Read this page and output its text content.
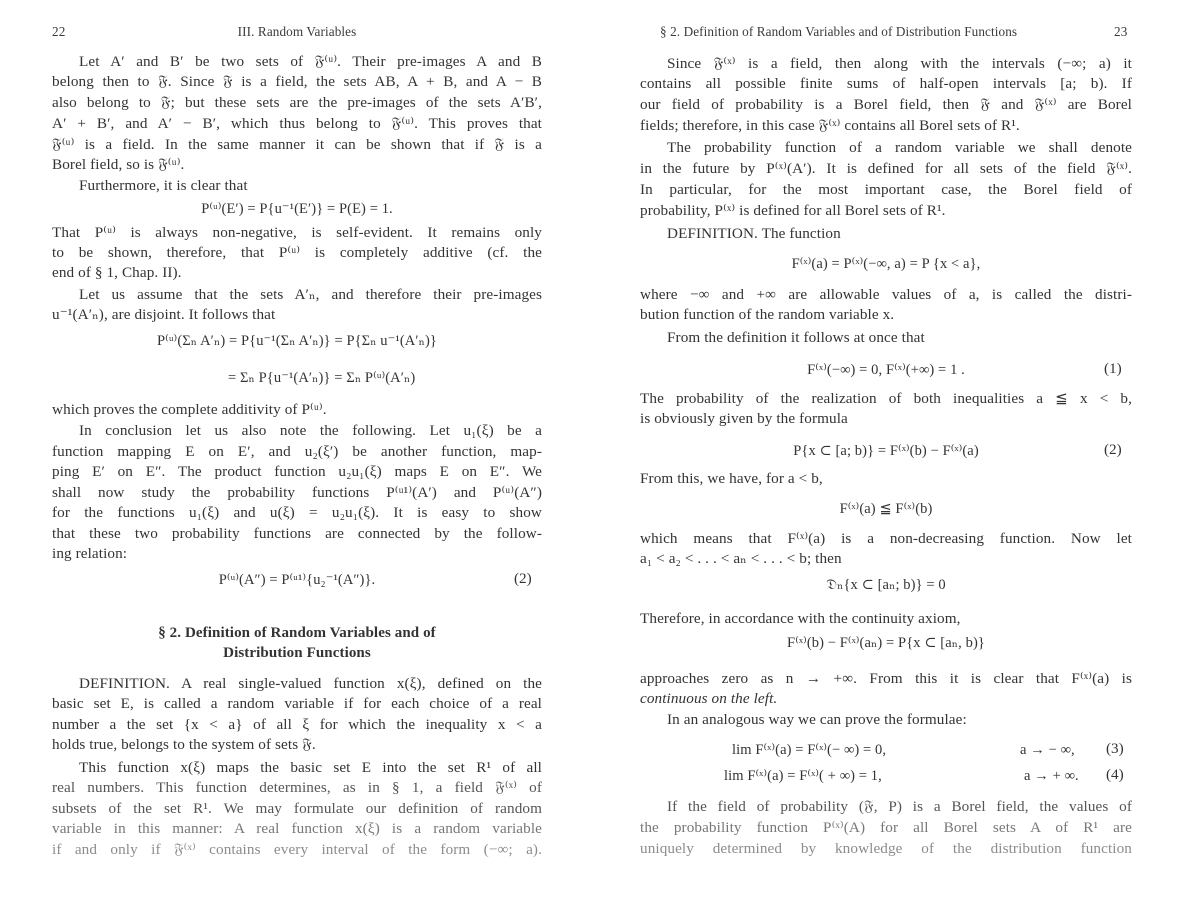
22	III. Random Variables
Let A′ and B′ be two sets of 𝔉⁽ᵘ⁾. Their pre-images A and B
belong then to 𝔉. Since 𝔉 is a field, the sets AB, A + B, and A − B
also belong to 𝔉; but these sets are the pre-images of the sets A′B′,
A′ + B′, and A′ − B′, which thus belong to 𝔉⁽ᵘ⁾. This proves that
𝔉⁽ᵘ⁾ is a field. In the same manner it can be shown that if 𝔉 is a
Borel field, so is 𝔉⁽ᵘ⁾.
Furthermore, it is clear that
P⁽ᵘ⁾(E′) = P{u⁻¹(E′)} = P(E) = 1.
That P⁽ᵘ⁾ is always non-negative, is self-evident. It remains only
to be shown, therefore, that P⁽ᵘ⁾ is completely additive (cf. the
end of § 1, Chap. II).
Let us assume that the sets A′ₙ, and therefore their pre-images
u⁻¹(A′ₙ), are disjoint. It follows that
P⁽ᵘ⁾(Σₙ A′ₙ) = P{u⁻¹(Σₙ A′ₙ)} = P{Σₙ u⁻¹(A′ₙ)}
= Σₙ P{u⁻¹(A′ₙ)} = Σₙ P⁽ᵘ⁾(A′ₙ)
which proves the complete additivity of P⁽ᵘ⁾.
In conclusion let us also note the following. Let u₁(ξ) be a
function mapping E on E′, and u₂(ξ′) be another function, map-
ping E′ on E″. The product function u₂u₁(ξ) maps E on E″. We
shall now study the probability functions P⁽ᵘ¹⁾(A′) and P⁽ᵘ⁾(A″)
for the functions u₁(ξ) and u(ξ) = u₂u₁(ξ). It is easy to show
that these two probability functions are connected by the follow-
ing relation:
P⁽ᵘ⁾(A″) = P⁽ᵘ¹⁾{u₂⁻¹(A″)}.	(2)
§ 2. Definition of Random Variables and of
Distribution Functions
DEFINITION. A real single-valued function x(ξ), defined on the
basic set E, is called a random variable if for each choice of a real
number a the set {x < a} of all ξ for which the inequality x < a
holds true, belongs to the system of sets 𝔉.
This function x(ξ) maps the basic set E into the set R¹ of all
real numbers. This function determines, as in § 1, a field 𝔉⁽ˣ⁾ of
subsets of the set R¹. We may formulate our definition of random
variable in this manner: A real function x(ξ) is a random variable
if and only if 𝔉⁽ˣ⁾ contains every interval of the form (−∞; a).
§ 2. Definition of Random Variables and of Distribution Functions	23
Since 𝔉⁽ˣ⁾ is a field, then along with the intervals (−∞; a) it
contains all possible finite sums of half-open intervals [a; b). If
our field of probability is a Borel field, then 𝔉 and 𝔉⁽ˣ⁾ are Borel
fields; therefore, in this case 𝔉⁽ˣ⁾ contains all Borel sets of R¹.
The probability function of a random variable we shall denote
in the future by P⁽ˣ⁾(A′). It is defined for all sets of the field 𝔉⁽ˣ⁾.
In particular, for the most important case, the Borel field of
probability, P⁽ˣ⁾ is defined for all Borel sets of R¹.
DEFINITION. The function
F⁽ˣ⁾(a) = P⁽ˣ⁾(−∞, a) = P {x < a},
where −∞ and +∞ are allowable values of a, is called the distri-
bution function of the random variable x.
From the definition it follows at once that
F⁽ˣ⁾(−∞) = 0, F⁽ˣ⁾(+∞) = 1 .	(1)
The probability of the realization of both inequalities a ≦ x < b,
is obviously given by the formula
P{x ⊂ [a; b)} = F⁽ˣ⁾(b) − F⁽ˣ⁾(a)	(2)
From this, we have, for a < b,
F⁽ˣ⁾(a) ≦ F⁽ˣ⁾(b)
which means that F⁽ˣ⁾(a) is a non-decreasing function. Now let
a₁ < a₂ < . . . < aₙ < . . . < b; then
𝔇ₙ{x ⊂ [aₙ; b)} = 0
Therefore, in accordance with the continuity axiom,
F⁽ˣ⁾(b) − F⁽ˣ⁾(aₙ) = P{x ⊂ [aₙ, b)}
approaches zero as n → +∞. From this it is clear that F⁽ˣ⁾(a) is
continuous on the left.
In an analogous way we can prove the formulae:
lim F⁽ˣ⁾(a) = F⁽ˣ⁾(− ∞) = 0,	a → − ∞,	(3)
lim F⁽ˣ⁾(a) = F⁽ˣ⁾( + ∞) = 1,	a → + ∞.	(4)
If the field of probability (𝔉, P) is a Borel field, the values of
the probability function P⁽ˣ⁾(A) for all Borel sets A of R¹ are
uniquely determined by knowledge of the distribution function
